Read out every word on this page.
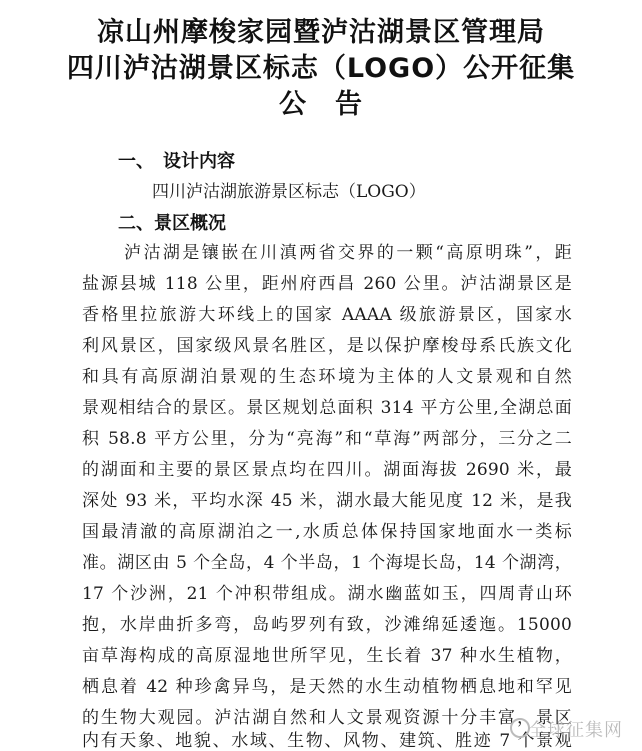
凉山州摩梭家园暨泸沽湖景区管理局
四川泸沽湖景区标志（LOGO）公开征集
公　告
一、　设计内容
四川泸沽湖旅游景区标志（LOGO）
二、景区概况
泸沽湖是镶嵌在川滇两省交界的一颗“高原明珠”，距
盐源县城 118 公里，距州府西昌 260 公里。泸沽湖景区是
香格里拉旅游大环线上的国家 AAAA 级旅游景区，国家水
利风景区，国家级风景名胜区，是以保护摩梭母系氏族文化
和具有高原湖泊景观的生态环境为主体的人文景观和自然
景观相结合的景区。景区规划总面积 314 平方公里,全湖总面
积 58.8 平方公里，分为“亮海”和“草海”两部分，三分之二
的湖面和主要的景区景点均在四川。湖面海拔 2690 米，最
深处 93 米，平均水深 45 米，湖水最大能见度 12 米，是我
国最清澈的高原湖泊之一,水质总体保持国家地面水一类标
准。湖区由 5 个全岛，4 个半岛，1 个海堤长岛，14 个湖湾，
17 个沙洲，21 个冲积带组成。湖水幽蓝如玉，四周青山环
抱，水岸曲折多弯，岛屿罗列有致，沙滩绵延逶迤。15000
亩草海构成的高原湿地世所罕见，生长着 37 种水生植物，
栖息着 42 种珍禽异鸟，是天然的水生动植物栖息地和罕见
的生物大观园。泸沽湖自然和人文景观资源十分丰富，景区
内有天象、地貌、水域、生物、风物、建筑、胜迹 7 个景观
全球征集网
